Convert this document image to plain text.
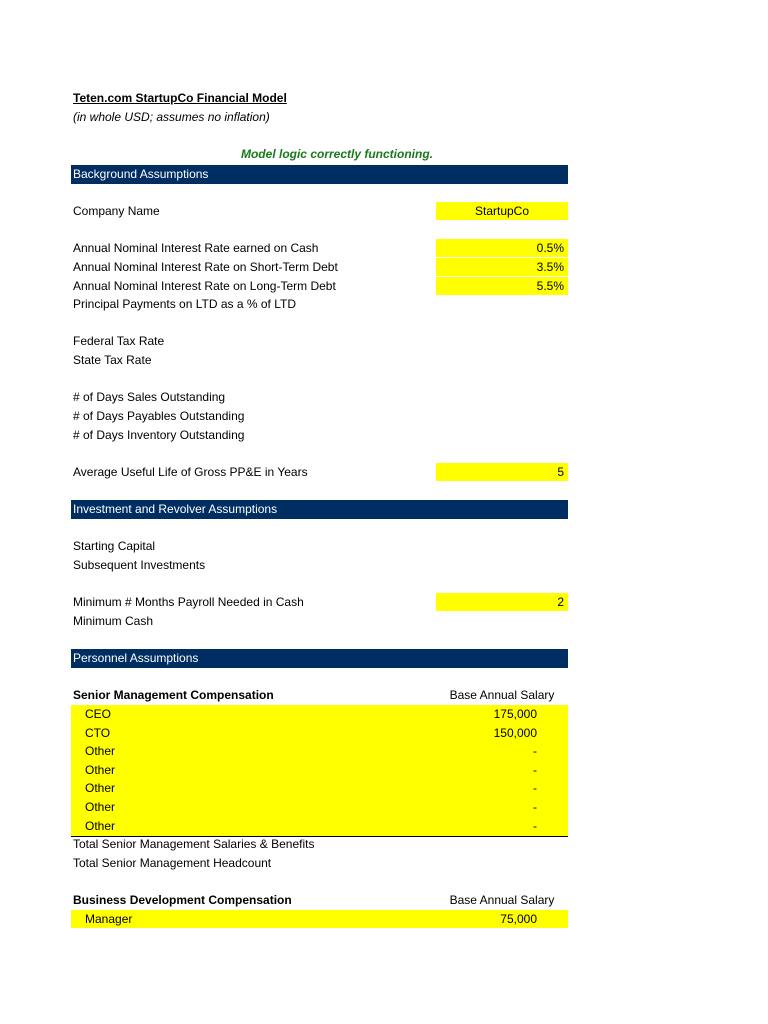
Teten.com StartupCo Financial Model
(in whole USD; assumes no inflation)
Model logic correctly functioning.
Background Assumptions
Company Name	StartupCo
Annual Nominal Interest Rate earned on Cash	0.5%
Annual Nominal Interest Rate on Short-Term Debt	3.5%
Annual Nominal Interest Rate on Long-Term Debt	5.5%
Principal Payments on LTD as a % of LTD
Federal Tax Rate
State Tax Rate
# of Days Sales Outstanding
# of Days Payables Outstanding
# of Days Inventory Outstanding
Average Useful Life of Gross PP&E in Years	5
Investment and Revolver Assumptions
Starting Capital
Subsequent Investments
Minimum # Months Payroll Needed in Cash	2
Minimum Cash
Personnel Assumptions
Senior Management Compensation	Base Annual Salary
CEO	175,000
CTO	150,000
Other	-
Other	-
Other	-
Other	-
Other	-
Total Senior Management Salaries & Benefits
Total Senior Management Headcount
Business Development Compensation	Base Annual Salary
Manager	75,000
